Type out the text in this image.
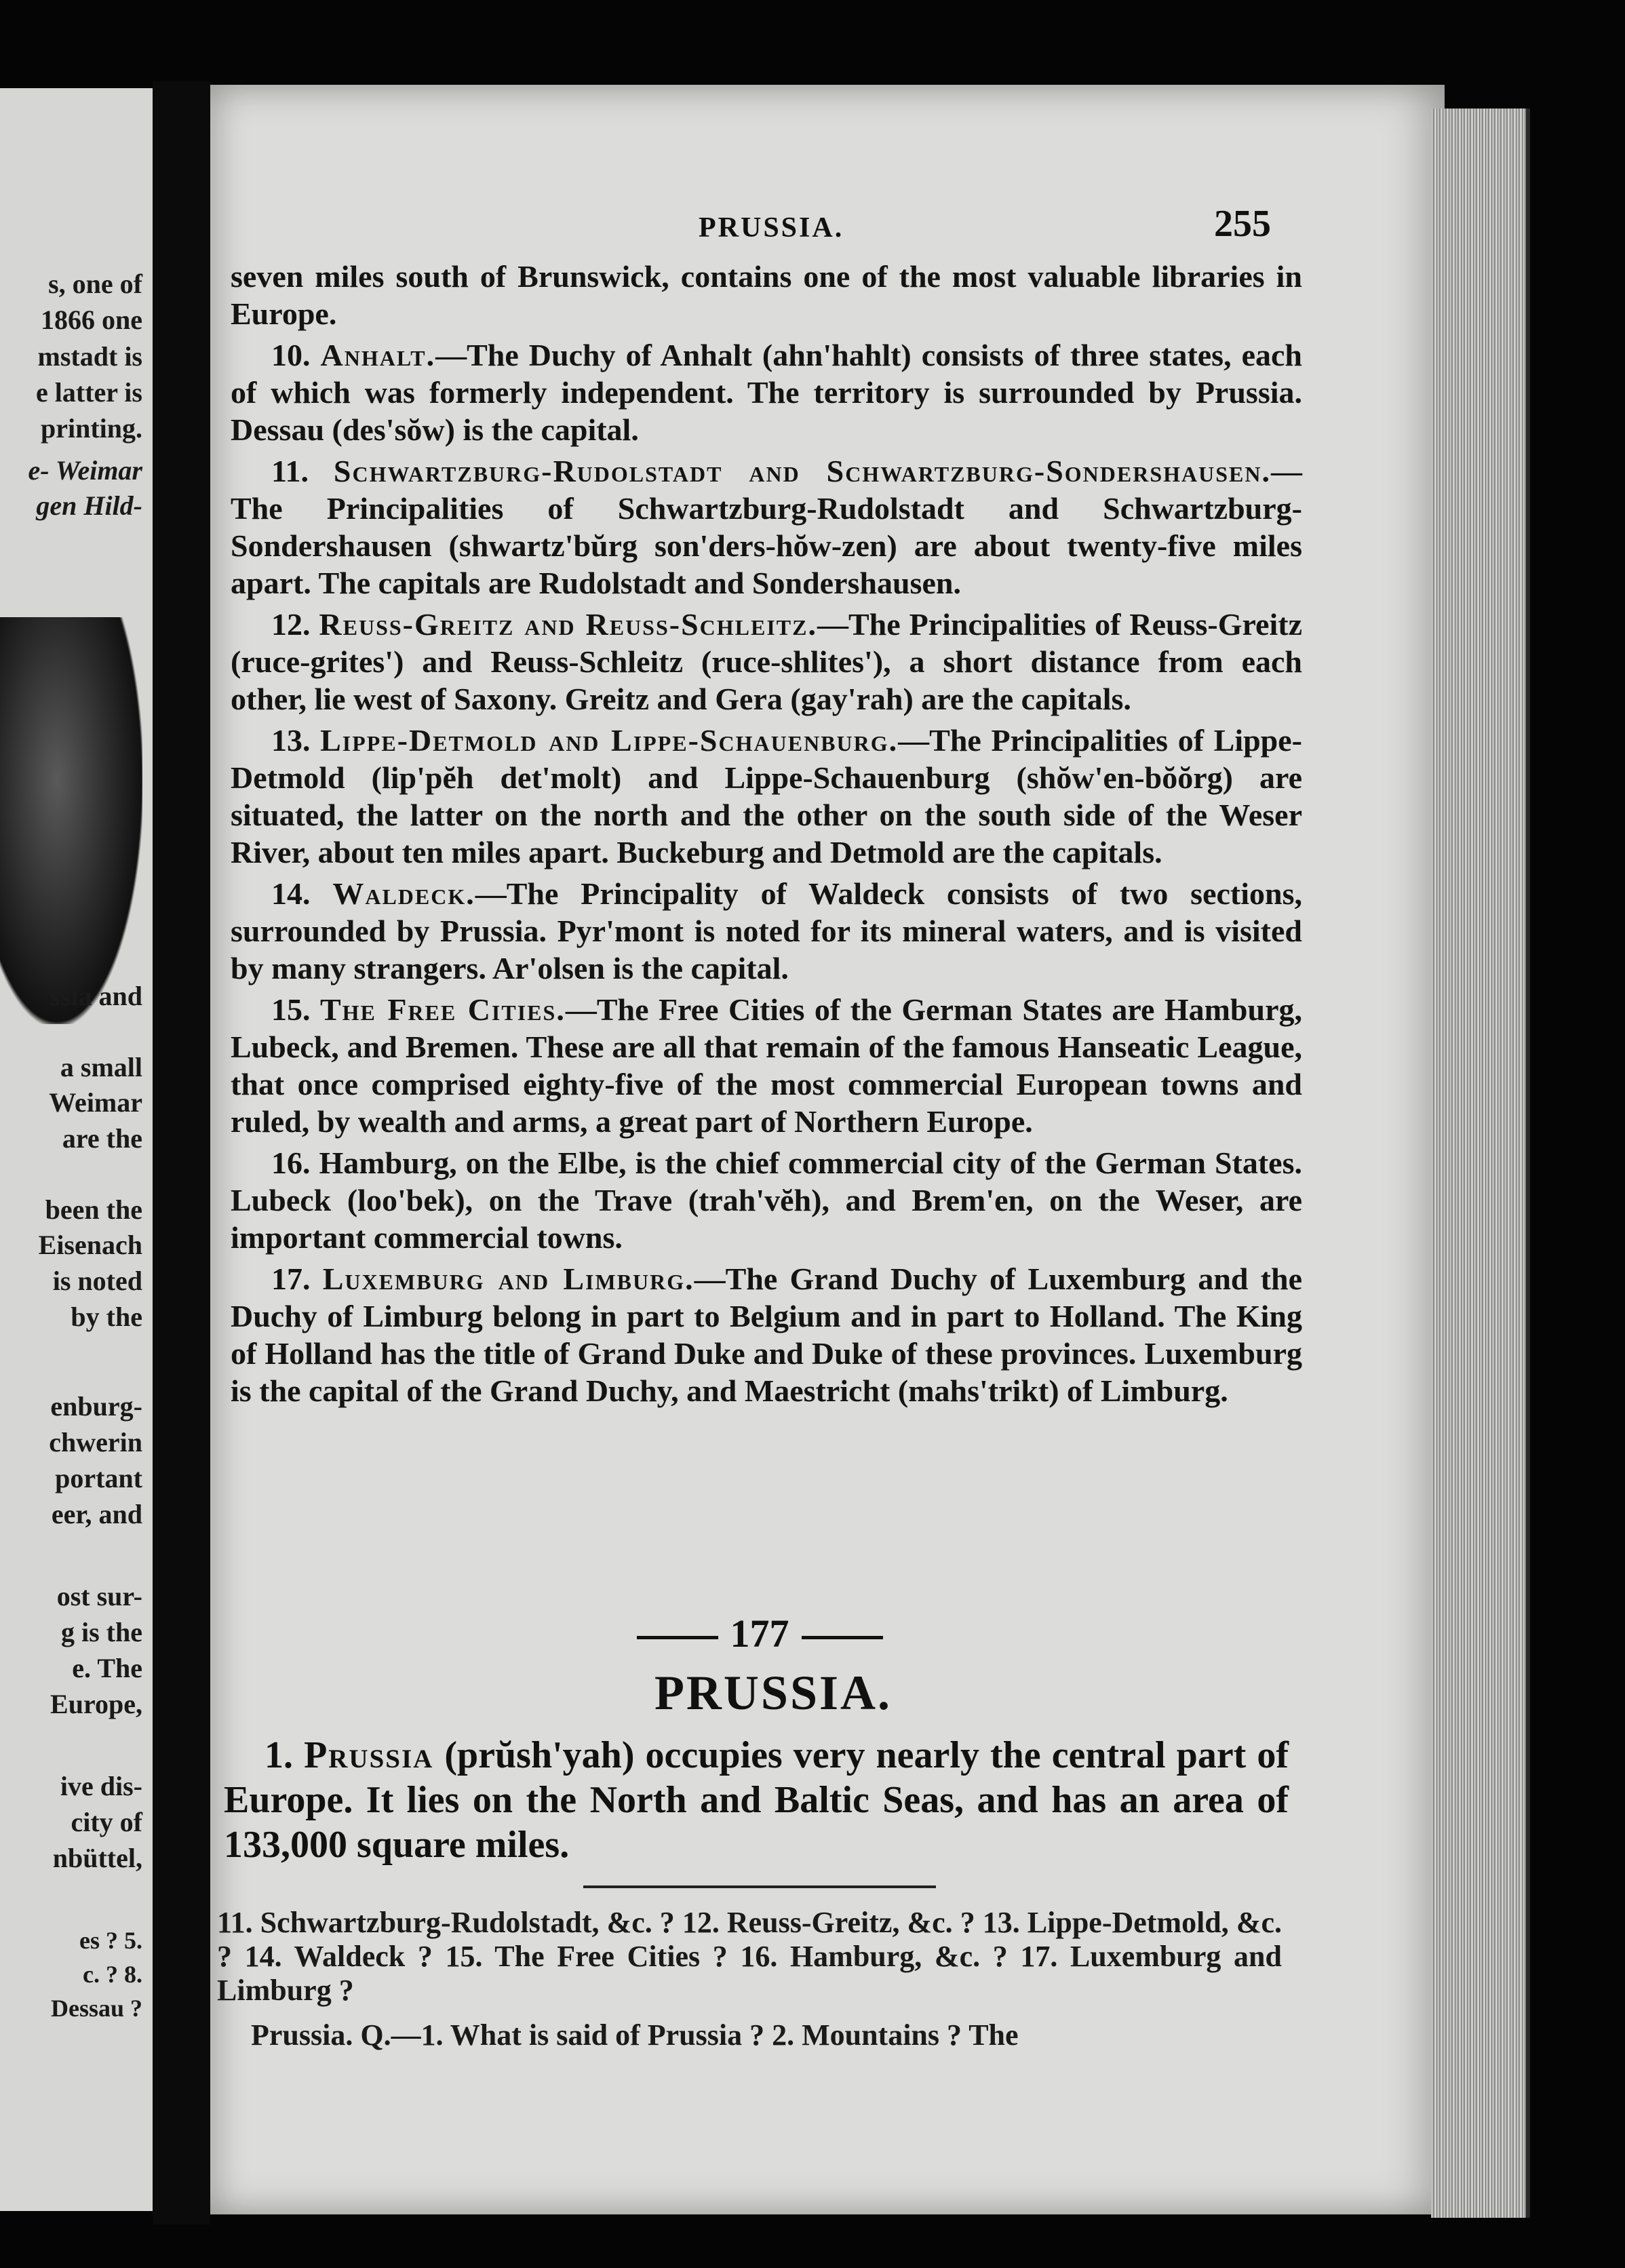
s, one of
1866 one
mstadt is
e latter is
printing.
e- Weimar
gen Hild-
ssia and
a small
Weimar
are the
been the
Eisenach
is noted
by the
enburg-
chwerin
portant
eer, and
ost sur-
g is the
e. The
Europe,
ive dis-
city of
nbüttel,
es ? 5.
c. ? 8.
Dessau ?
PRUSSIA.	255

seven miles south of Brunswick, contains one of the most valuable libraries in Europe.

10. Anhalt.—The Duchy of Anhalt (ahn'hahlt) consists of three states, each of which was formerly independent. The territory is surrounded by Prussia. Dessau (des'sŏw) is the capital.

11. Schwartzburg-Rudolstadt and Schwartzburg-Sondershausen.—The Principalities of Schwartzburg-Rudolstadt and Schwartzburg-Sondershausen (shwartz'bŭrg son'ders-hŏw-zen) are about twenty-five miles apart. The capitals are Rudolstadt and Sondershausen.

12. Reuss-Greitz and Reuss-Schleitz.—The Principalities of Reuss-Greitz (ruce-grites') and Reuss-Schleitz (ruce-shlites'), a short distance from each other, lie west of Saxony. Greitz and Gera (gay'rah) are the capitals.

13. Lippe-Detmold and Lippe-Schauenburg.—The Principalities of Lippe-Detmold (lip'pĕh det'molt) and Lippe-Schauenburg (shŏw'en-bŏŏrg) are situated, the latter on the north and the other on the south side of the Weser River, about ten miles apart. Buckeburg and Detmold are the capitals.

14. Waldeck.—The Principality of Waldeck consists of two sections, surrounded by Prussia. Pyr'mont is noted for its mineral waters, and is visited by many strangers. Ar'olsen is the capital.

15. The Free Cities.—The Free Cities of the German States are Hamburg, Lubeck, and Bremen. These are all that remain of the famous Hanseatic League, that once comprised eighty-five of the most commercial European towns and ruled, by wealth and arms, a great part of Northern Europe.

16. Hamburg, on the Elbe, is the chief commercial city of the German States. Lubeck (loo'bek), on the Trave (trah'vĕh), and Brem'en, on the Weser, are important commercial towns.

17. Luxemburg and Limburg.—The Grand Duchy of Luxemburg and the Duchy of Limburg belong in part to Belgium and in part to Holland. The King of Holland has the title of Grand Duke and Duke of these provinces. Luxemburg is the capital of the Grand Duchy, and Maestricht (mahs'trikt) of Limburg.

177
PRUSSIA.

1. Prussia (prŭsh'yah) occupies very nearly the central part of Europe. It lies on the North and Baltic Seas, and has an area of 133,000 square miles.

11. Schwartzburg-Rudolstadt, &c. ? 12. Reuss-Greitz, &c. ? 13. Lippe-Detmold, &c. ? 14. Waldeck ? 15. The Free Cities ? 16. Hamburg, &c. ? 17. Luxemburg and Limburg ?

Prussia. Q.—1. What is said of Prussia ? 2. Mountains ? The
